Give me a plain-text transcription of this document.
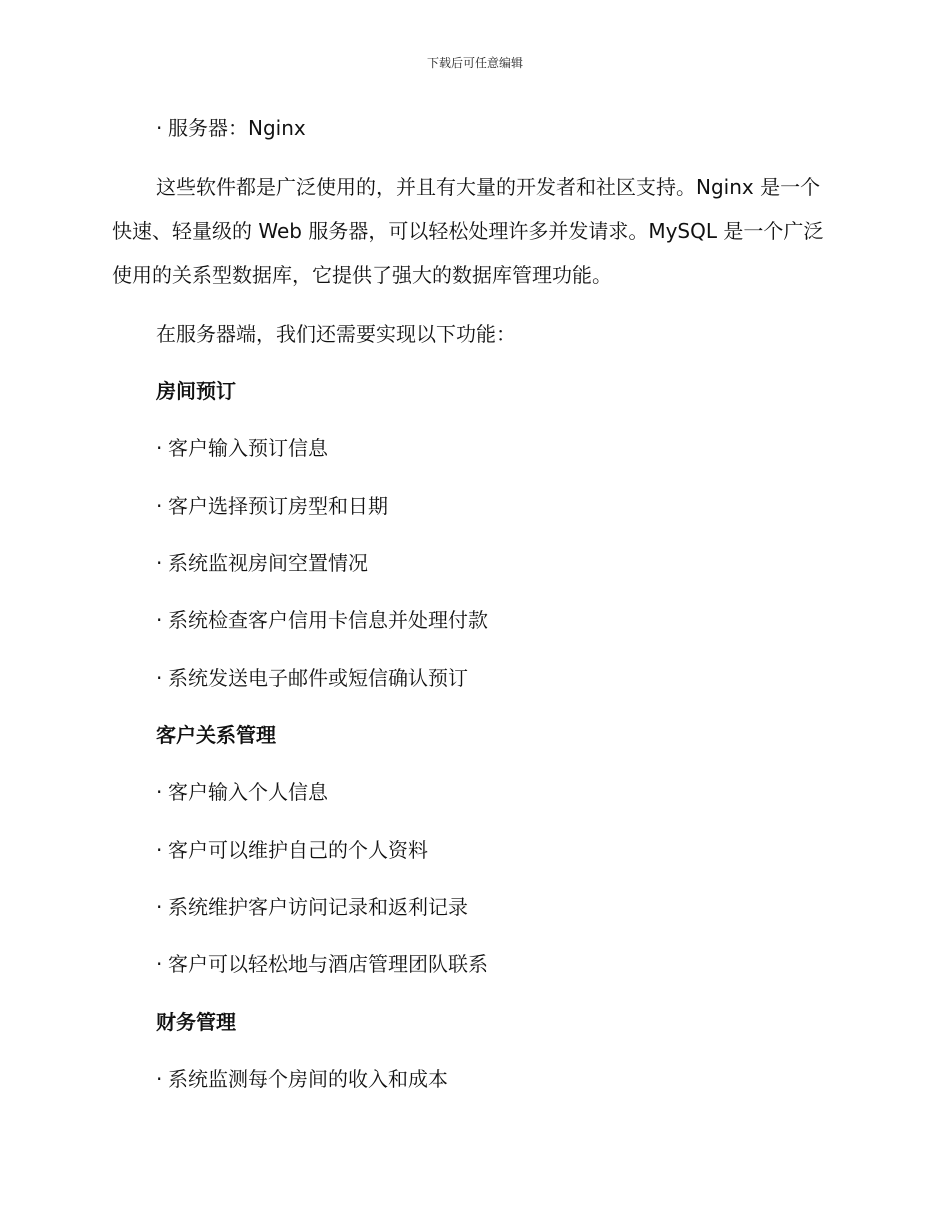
下载后可任意编辑
· 服务器：Nginx
这些软件都是广泛使用的，并且有大量的开发者和社区支持。Nginx 是一个快速、轻量级的 Web 服务器，可以轻松处理许多并发请求。MySQL 是一个广泛使用的关系型数据库，它提供了强大的数据库管理功能。
在服务器端，我们还需要实现以下功能：
房间预订
· 客户输入预订信息
· 客户选择预订房型和日期
· 系统监视房间空置情况
· 系统检查客户信用卡信息并处理付款
· 系统发送电子邮件或短信确认预订
客户关系管理
· 客户输入个人信息
· 客户可以维护自己的个人资料
· 系统维护客户访问记录和返利记录
· 客户可以轻松地与酒店管理团队联系
财务管理
· 系统监测每个房间的收入和成本
